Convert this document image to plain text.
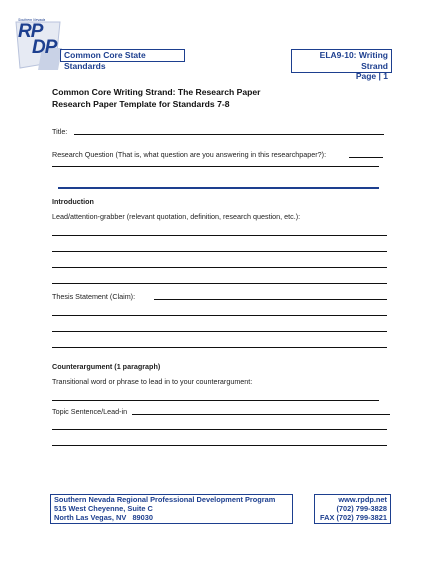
RP
DP
Southern Nevada
Common Core State Standards
ELA9-10: Writing Strand
Page | 1
Common Core Writing Strand: The Research Paper
Research Paper Template for Standards 7-8
Title:
Research Question (That is, what question are you answering in this researchpaper?):
Introduction
Lead/attention-grabber (relevant quotation, definition, research question, etc.):
Thesis Statement (Claim):
Counterargument (1 paragraph)
Transitional word or phrase to lead in to your counterargument:
Topic Sentence/Lead-in
Southern Nevada Regional Professional Development Program
515 West Cheyenne, Suite C
North Las Vegas, NV   89030
www.rpdp.net
(702) 799-3828
FAX (702) 799-3821
